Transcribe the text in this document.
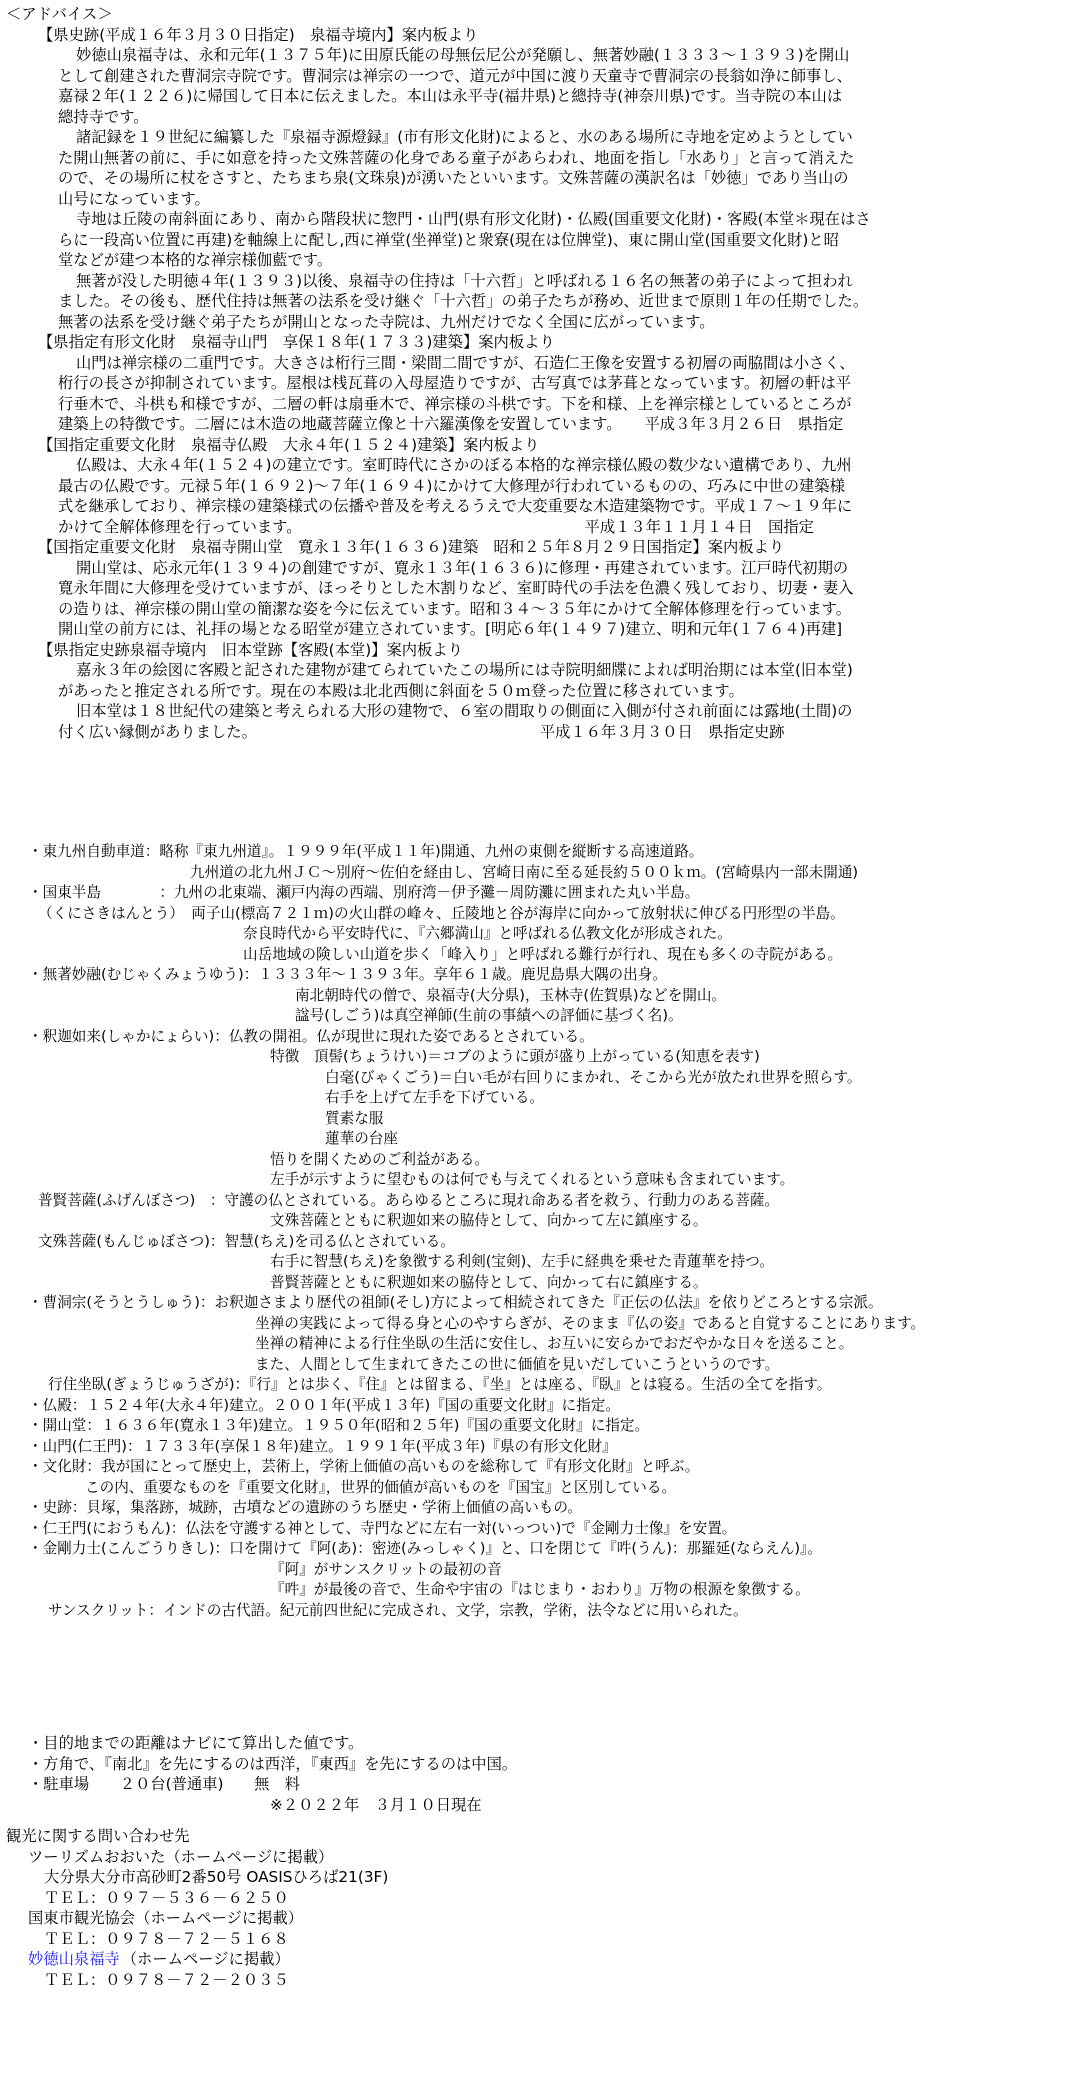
＜アドバイス＞
【県史跡(平成１６年３月３０日指定)　泉福寺境内】案内板より
妙徳山泉福寺は、永和元年(１３７５年)に田原氏能の母無伝尼公が発願し、無著妙融(１３３３〜１３９３)を開山
として創建された曹洞宗寺院です。曹洞宗は禅宗の一つで、道元が中国に渡り天童寺で曹洞宗の長翁如浄に師事し、
嘉禄２年(１２２６)に帰国して日本に伝えました。本山は永平寺(福井県)と總持寺(神奈川県)です。当寺院の本山は
總持寺です。
諸記録を１９世紀に編纂した『泉福寺源燈録』(市有形文化財)によると、水のある場所に寺地を定めようとしてい
た開山無著の前に、手に如意を持った文殊菩薩の化身である童子があらわれ、地面を指し「水あり」と言って消えた
ので、その場所に杖をさすと、たちまち泉(文珠泉)が湧いたといいます。文殊菩薩の漢訳名は「妙徳」であり当山の
山号になっています。
寺地は丘陵の南斜面にあり、南から階段状に惣門・山門(県有形文化財)・仏殿(国重要文化財)・客殿(本堂＊現在はさ
らに一段高い位置に再建)を軸線上に配し,西に禅堂(坐禅堂)と衆寮(現在は位牌堂)、東に開山堂(国重要文化財)と昭
堂などが建つ本格的な禅宗様伽藍です。
無著が没した明徳４年(１３９３)以後、泉福寺の住持は「十六哲」と呼ばれる１６名の無著の弟子によって担われ
ました。その後も、歴代住持は無著の法系を受け継ぐ「十六哲」の弟子たちが務め、近世まで原則１年の任期でした。
無著の法系を受け継ぐ弟子たちが開山となった寺院は、九州だけでなく全国に広がっています。
【県指定有形文化財　泉福寺山門　享保１８年(１７３３)建築】案内板より
山門は禅宗様の二重門です。大きさは桁行三間・梁間二間ですが、石造仁王像を安置する初層の両脇間は小さく、
桁行の長さが抑制されています。屋根は桟瓦葺の入母屋造りですが、古写真では茅葺となっています。初層の軒は平
行垂木で、斗栱も和様ですが、二層の軒は扇垂木で、禅宗様の斗栱です。下を和様、上を禅宗様としているところが
建築上の特徴です。二層には木造の地蔵菩薩立像と十六羅漢像を安置しています。　　平成３年３月２６日　県指定
【国指定重要文化財　泉福寺仏殿　大永４年(１５２４)建築】案内板より
仏殿は、大永４年(１５２４)の建立です。室町時代にさかのぼる本格的な禅宗様仏殿の数少ない遺構であり、九州
最古の仏殿です。元禄５年(１６９２)〜７年(１６９４)にかけて大修理が行われているものの、巧みに中世の建築様
式を継承しており、禅宗様の建築様式の伝播や普及を考えるうえで大変重要な木造建築物です。平成１７〜１９年に
かけて全解体修理を行っています。　　　　　　　　　　　　　　　　　　　平成１３年１１月１４日　国指定
【国指定重要文化財　泉福寺開山堂　寛永１３年(１６３６)建築　昭和２５年８月２９日国指定】案内板より
開山堂は、応永元年(１３９４)の創建ですが、寛永１３年(１６３６)に修理・再建されています。江戸時代初期の
寛永年間に大修理を受けていますが、ほっそりとした木割りなど、室町時代の手法を色濃く残しており、切妻・妻入
の造りは、禅宗様の開山堂の簡潔な姿を今に伝えています。昭和３４〜３５年にかけて全解体修理を行っています。
開山堂の前方には、礼拝の場となる昭堂が建立されています。[明応６年(１４９７)建立、明和元年(１７６４)再建]
【県指定史跡泉福寺境内　旧本堂跡【客殿(本堂)】案内板より
嘉永３年の絵図に客殿と記された建物が建てられていたこの場所には寺院明細牒によれば明治期には本堂(旧本堂)
があったと推定される所です。現在の本殿は北北西側に斜面を５０ｍ登った位置に移されています。
旧本堂は１８世紀代の建築と考えられる大形の建物で、６室の間取りの側面に入側が付され前面には露地(土間)の
付く広い縁側がありました。　　　　　　　　　　　　　　　　　　　平成１６年３月３０日　県指定史跡
・東九州自動車道：略称『東九州道』。１９９９年(平成１１年)開通、九州の東側を縦断する高速道路。
九州道の北九州ＪＣ〜別府～佐伯を経由し、宮崎日南に至る延長約５００ｋｍ。(宮崎県内一部未開通)
・国東半島　　　　：九州の北東端、瀬戸内海の西端、別府湾－伊予灘－周防灘に囲まれた丸い半島。
（くにさきはんとう）　両子山(標高７２１ｍ)の火山群の峰々、丘陵地と谷が海岸に向かって放射状に伸びる円形型の半島。
奈良時代から平安時代に、『六郷満山』と呼ばれる仏教文化が形成された。
山岳地域の険しい山道を歩く「峰入り」と呼ばれる難行が行れ、現在も多くの寺院がある。
・無著妙融(むじゃくみょうゆう)：１３３３年〜１３９３年。享年６１歳。鹿児島県大隅の出身。
南北朝時代の僧で、泉福寺(大分県)，玉林寺(佐賀県)などを開山。
諡号(しごう)は真空禅師(生前の事績への評価に基づく名)。
・釈迦如来(しゃかにょらい)：仏教の開祖。仏が現世に現れた姿であるとされている。
特徴　頂髻(ちょうけい)＝コブのように頭が盛り上がっている(知恵を表す)
白毫(びゃくごう)＝白い毛が右回りにまかれ、そこから光が放たれ世界を照らす。
右手を上げて左手を下げている。
質素な服
蓮華の台座
悟りを開くためのご利益がある。
左手が示すように望むものは何でも与えてくれるという意味も含まれています。
普賢菩薩(ふげんぼさつ)　：守護の仏とされている。あらゆるところに現れ命ある者を救う、行動力のある菩薩。
文殊菩薩とともに釈迦如来の脇侍として、向かって左に鎮座する。
文殊菩薩(もんじゅぼさつ)：智慧(ちえ)を司る仏とされている。
右手に智慧(ちえ)を象徴する利剣(宝剣)、左手に経典を乗せた青蓮華を持つ。
普賢菩薩とともに釈迦如来の脇侍として、向かって右に鎮座する。
・曹洞宗(そうとうしゅう)：お釈迦さまより歴代の祖師(そし)方によって相続されてきた『正伝の仏法』を依りどころとする宗派。
坐禅の実践によって得る身と心のやすらぎが、そのまま『仏の姿』であると自覚することにあります。
坐禅の精神による行住坐臥の生活に安住し、お互いに安らかでおだやかな日々を送ること。
また、人間として生まれてきたこの世に価値を見いだしていこうというのです。
行住坐臥(ぎょうじゅうざが)：『行』とは歩く、『住』とは留まる、『坐』とは座る、『臥』とは寝る。生活の全てを指す。
・仏殿：１５２４年(大永４年)建立。２００１年(平成１３年)『国の重要文化財』に指定。
・開山堂：１６３６年(寛永１３年)建立。１９５０年(昭和２５年)『国の重要文化財』に指定。
・山門(仁王門)：１７３３年(享保１８年)建立。１９９１年(平成３年)『県の有形文化財』
・文化財：我が国にとって歴史上，芸術上，学術上価値の高いものを総称して『有形文化財』と呼ぶ。
この内、重要なものを『重要文化財』，世界的価値が高いものを『国宝』と区別している。
・史跡：貝塚，集落跡，城跡，古墳などの遺跡のうち歴史・学術上価値の高いもの。
・仁王門(におうもん)：仏法を守護する神として、寺門などに左右一対(いっつい)で『金剛力士像』を安置。
・金剛力士(こんごうりきし)：口を開けて『阿(あ)：密迹(みっしゃく)』と、口を閉じて『吽(うん)：那羅延(ならえん)』。
『阿』がサンスクリットの最初の音
『吽』が最後の音で、生命や宇宙の『はじまり・おわり』万物の根源を象徴する。
サンスクリット：インドの古代語。紀元前四世紀に完成され、文学，宗教，学術，法令などに用いられた。
・目的地までの距離はナビにて算出した値です。
・方角で、『南北』を先にするのは西洋，『東西』を先にするのは中国。
・駐車場　　２０台(普通車)　　無　料
※２０２２年　３月１０日現在
観光に関する問い合わせ先
ツーリズムおおいた（ホームページに掲載）
大分県大分市高砂町2番50号 OASISひろば21(3F)
ＴＥＬ：０９７－５３６－６２５０
国東市観光協会（ホームページに掲載）
ＴＥＬ：０９７８－７２－５１６８
妙徳山泉福寺 （ホームページに掲載）
ＴＥＬ：０９７８－７２－２０３５
